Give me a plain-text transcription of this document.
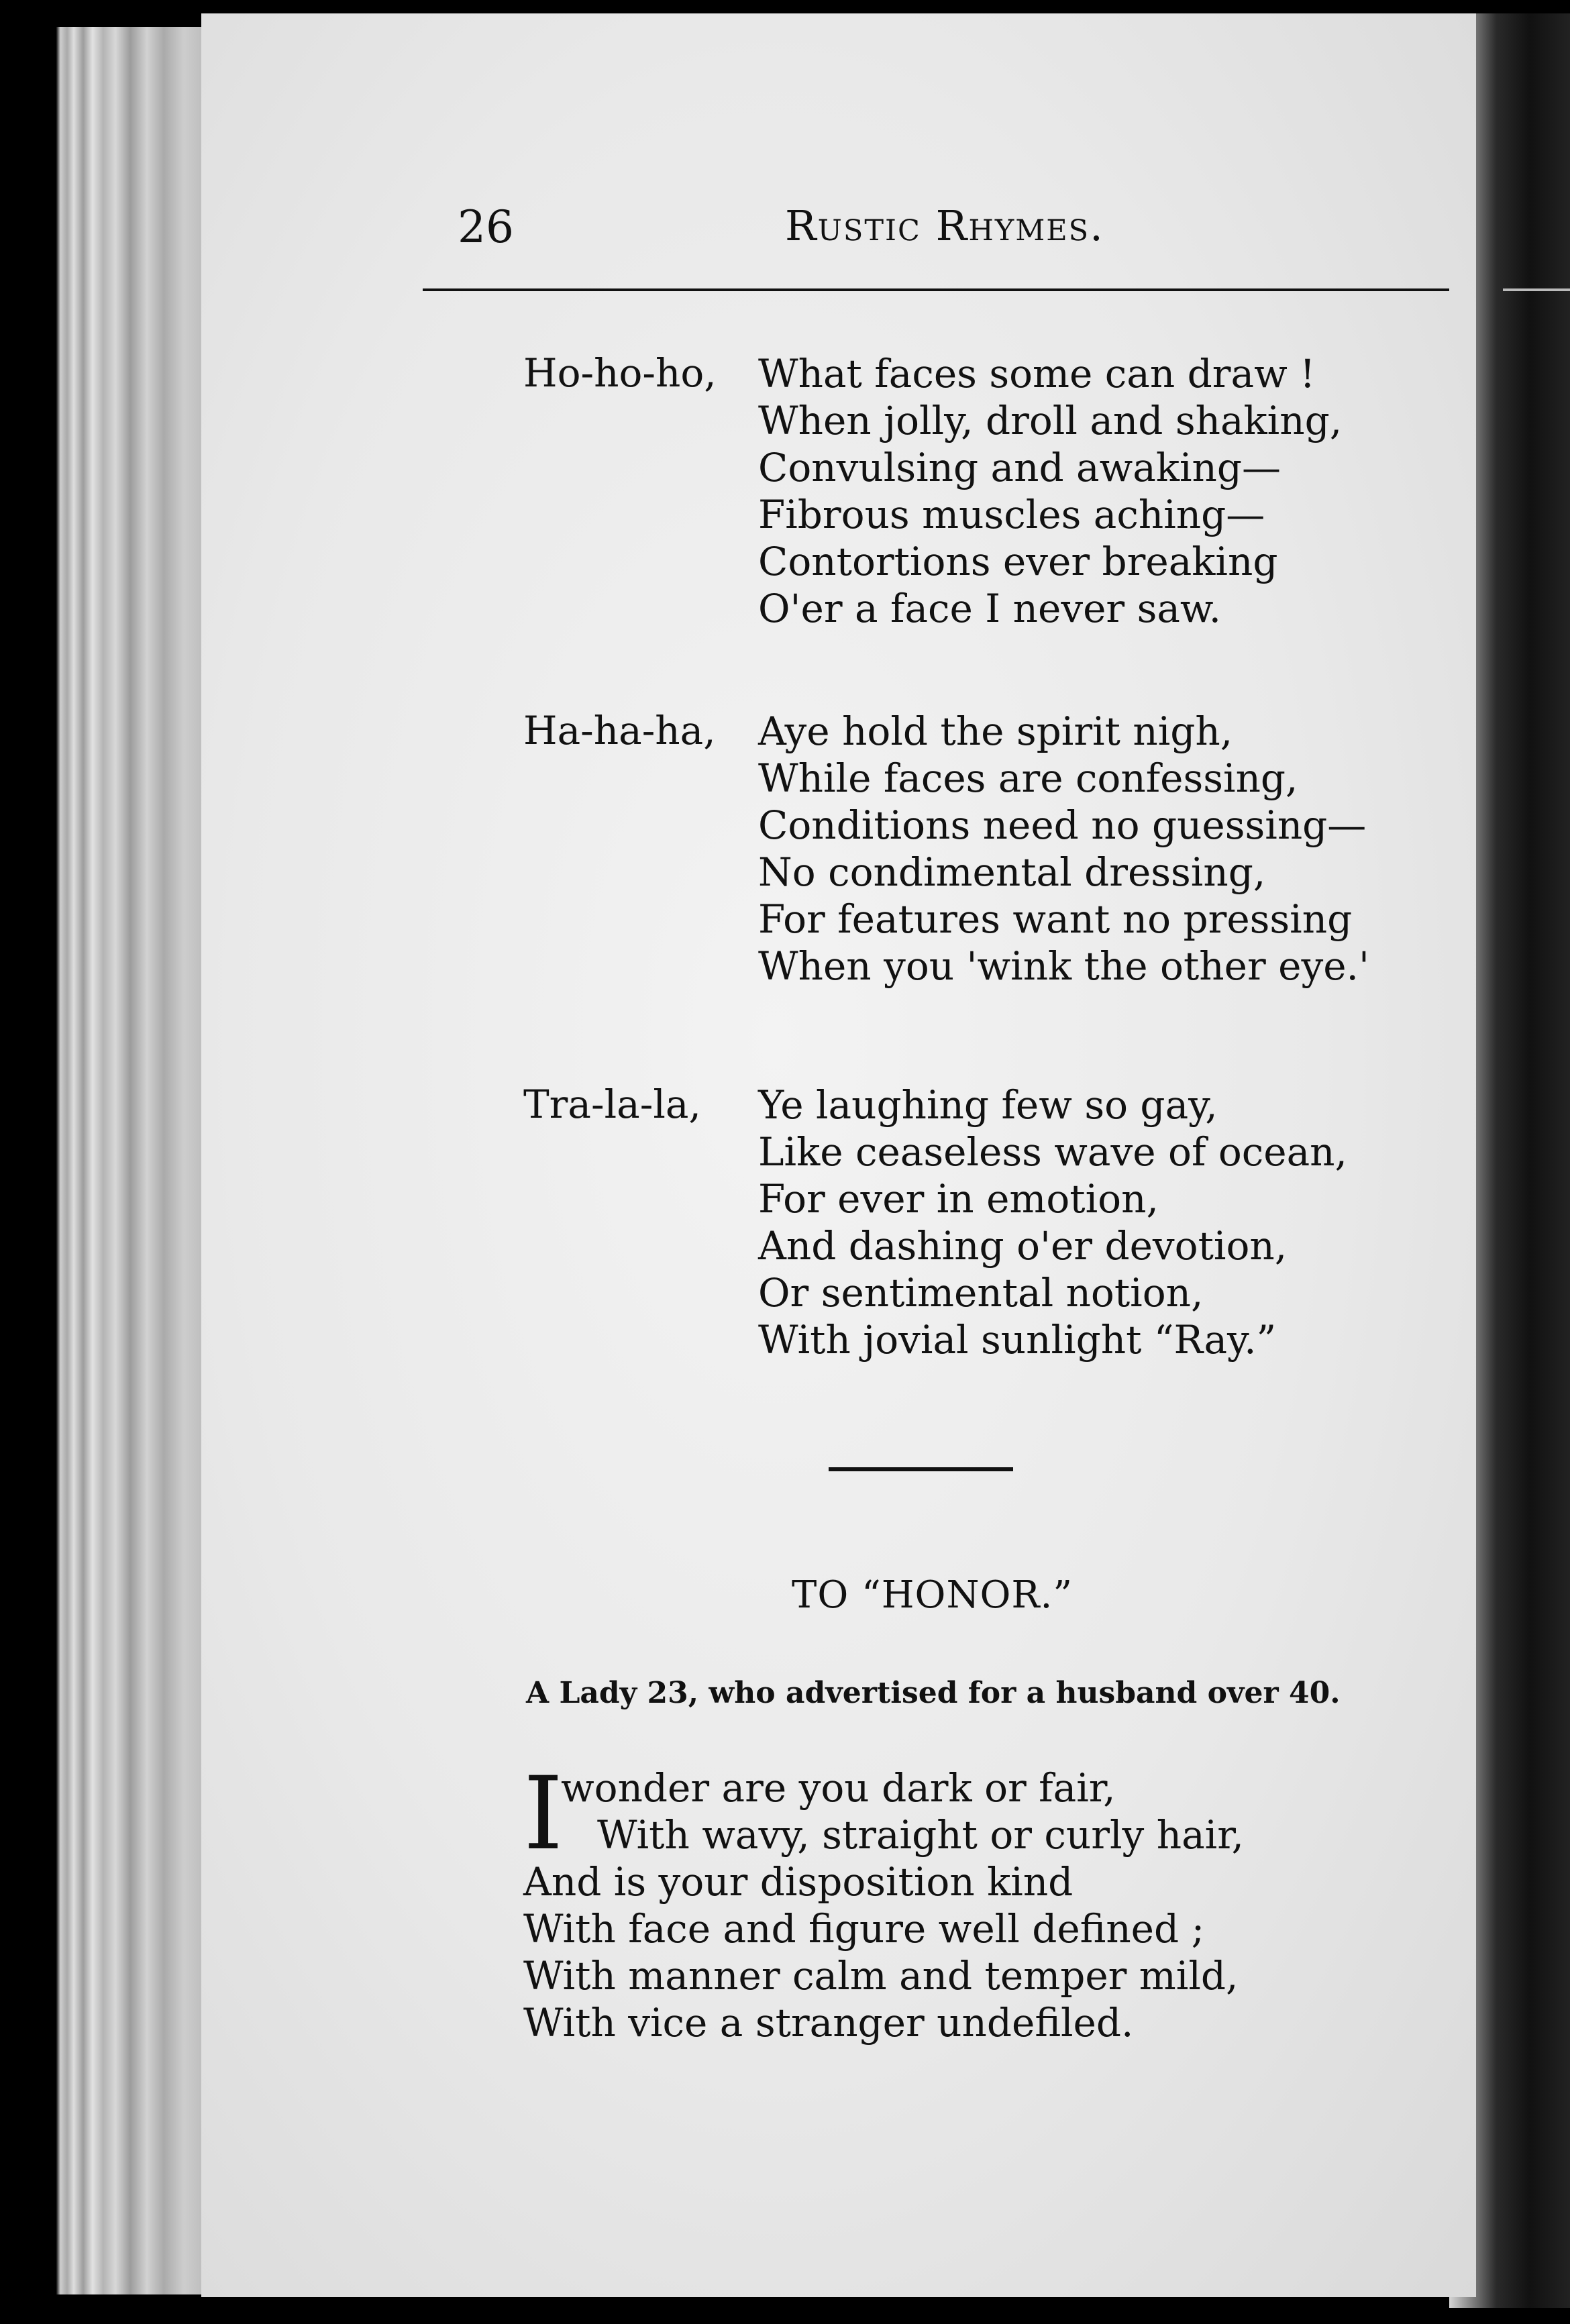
26	Rustic Rhymes.
Ho-ho-ho, What faces some can draw !
When jolly, droll and shaking,
Convulsing and awaking—
Fibrous muscles aching—
Contortions ever breaking
O'er a face I never saw.
Ha-ha-ha, Aye hold the spirit nigh,
While faces are confessing,
Conditions need no guessing—
No condimental dressing,
For features want no pressing
When you 'wink the other eye.'
Tra-la-la, Ye laughing few so gay,
Like ceaseless wave of ocean,
For ever in emotion,
And dashing o'er devotion,
Or sentimental notion,
With jovial sunlight “Ray.”
TO “HONOR.”
A Lady 23, who advertised for a husband over 40.
I
wonder are you dark or fair,
With wavy, straight or curly hair,
And is your disposition kind
With face and figure well defined ;
With manner calm and temper mild,
With vice a stranger undefiled.
